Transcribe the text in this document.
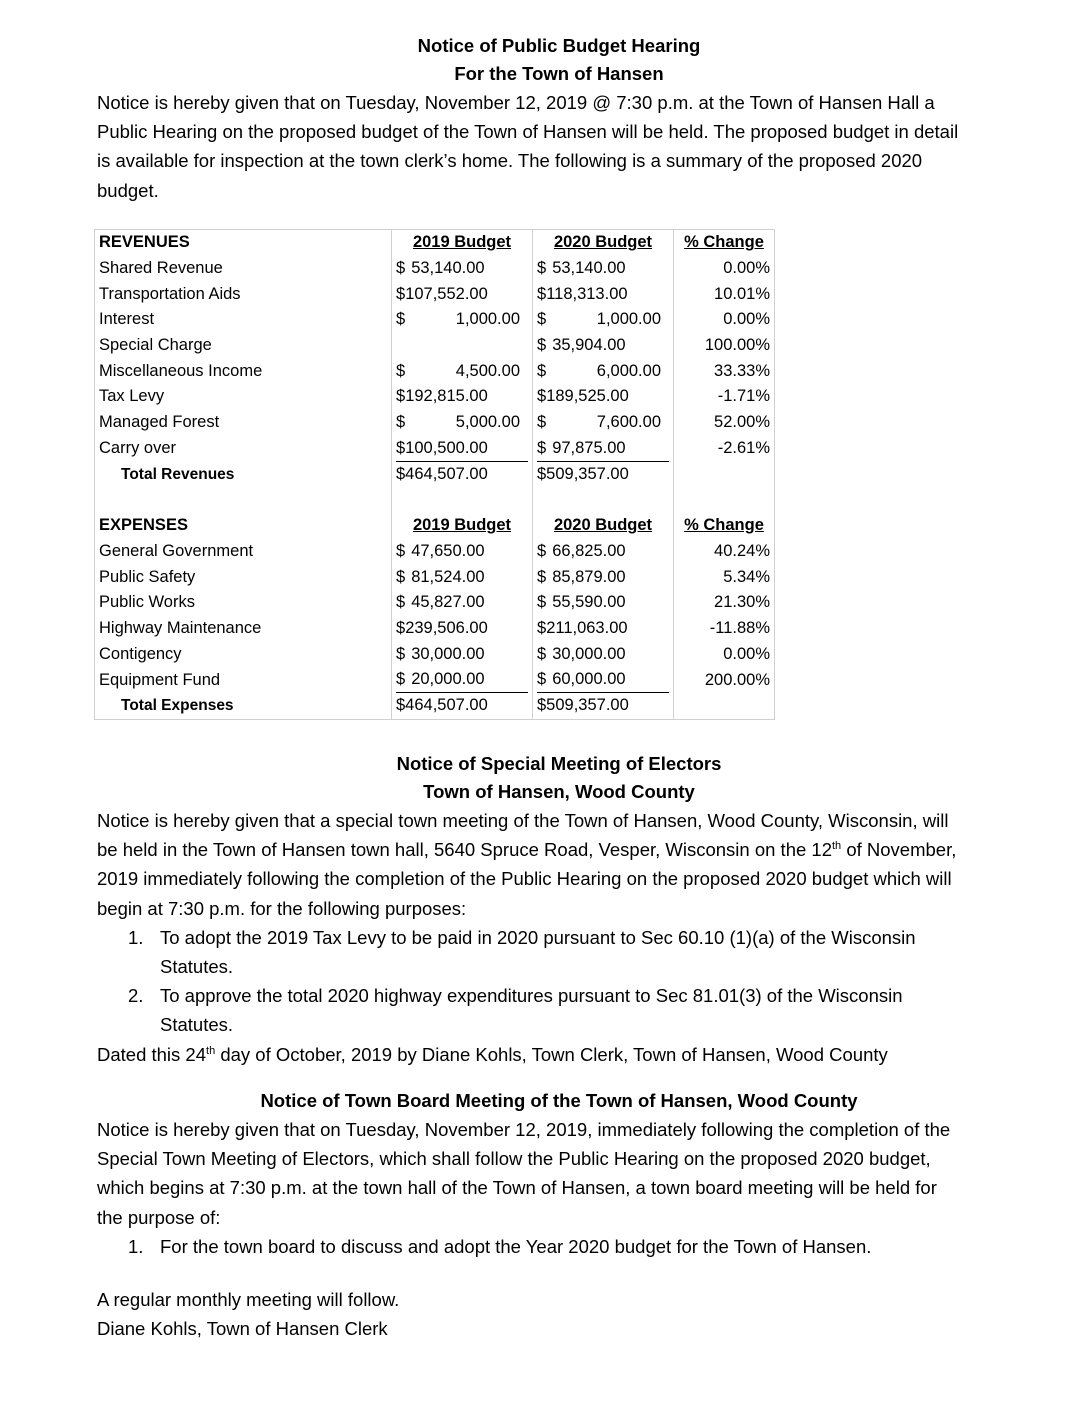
Notice of Public Budget Hearing
For the Town of Hansen

Notice is hereby given that on Tuesday, November 12, 2019 @ 7:30 p.m. at the Town of Hansen Hall a
Public Hearing on the proposed budget of the Town of Hansen will be held. The proposed budget in detail
is available for inspection at the town clerk’s home. The following is a summary of the proposed 2020
budget.

REVENUES	2019 Budget	2020 Budget	% Change
Shared Revenue	$ 53,140.00	$ 53,140.00	0.00%
Transportation Aids	$ 107,552.00	$ 118,313.00	10.01%
Interest	$ 1,000.00	$ 1,000.00	0.00%
Special Charge		$ 35,904.00	100.00%
Miscellaneous Income	$ 4,500.00	$ 6,000.00	33.33%
Tax Levy	$ 192,815.00	$ 189,525.00	-1.71%
Managed Forest	$ 5,000.00	$ 7,600.00	52.00%
Carry over	$ 100,500.00	$ 97,875.00	-2.61%
Total Revenues	$464,507.00	$509,357.00	

EXPENSES	2019 Budget	2020 Budget	% Change
General Government	$ 47,650.00	$ 66,825.00	40.24%
Public Safety	$ 81,524.00	$ 85,879.00	5.34%
Public Works	$ 45,827.00	$ 55,590.00	21.30%
Highway Maintenance	$ 239,506.00	$ 211,063.00	-11.88%
Contigency	$ 30,000.00	$ 30,000.00	0.00%
Equipment Fund	$ 20,000.00	$ 60,000.00	200.00%
Total Expenses	$464,507.00	$509,357.00	
Notice of Special Meeting of Electors
Town of Hansen, Wood County
Notice is hereby given that a special town meeting of the Town of Hansen, Wood County, Wisconsin, will
be held in the Town of Hansen town hall, 5640 Spruce Road, Vesper, Wisconsin on the 12th of November,
2019 immediately following the completion of the Public Hearing on the proposed 2020 budget which will
begin at 7:30 p.m. for the following purposes:
1. To adopt the 2019 Tax Levy to be paid in 2020 pursuant to Sec 60.10 (1)(a) of the Wisconsin
Statutes.
2. To approve the total 2020 highway expenditures pursuant to Sec 81.01(3) of the Wisconsin
Statutes.
Dated this 24th day of October, 2019 by Diane Kohls, Town Clerk, Town of Hansen, Wood County
Notice of Town Board Meeting of the Town of Hansen, Wood County
Notice is hereby given that on Tuesday, November 12, 2019, immediately following the completion of the
Special Town Meeting of Electors, which shall follow the Public Hearing on the proposed 2020 budget,
which begins at 7:30 p.m. at the town hall of the Town of Hansen, a town board meeting will be held for
the purpose of:
1. For the town board to discuss and adopt the Year 2020 budget for the Town of Hansen.
A regular monthly meeting will follow.
Diane Kohls, Town of Hansen Clerk
